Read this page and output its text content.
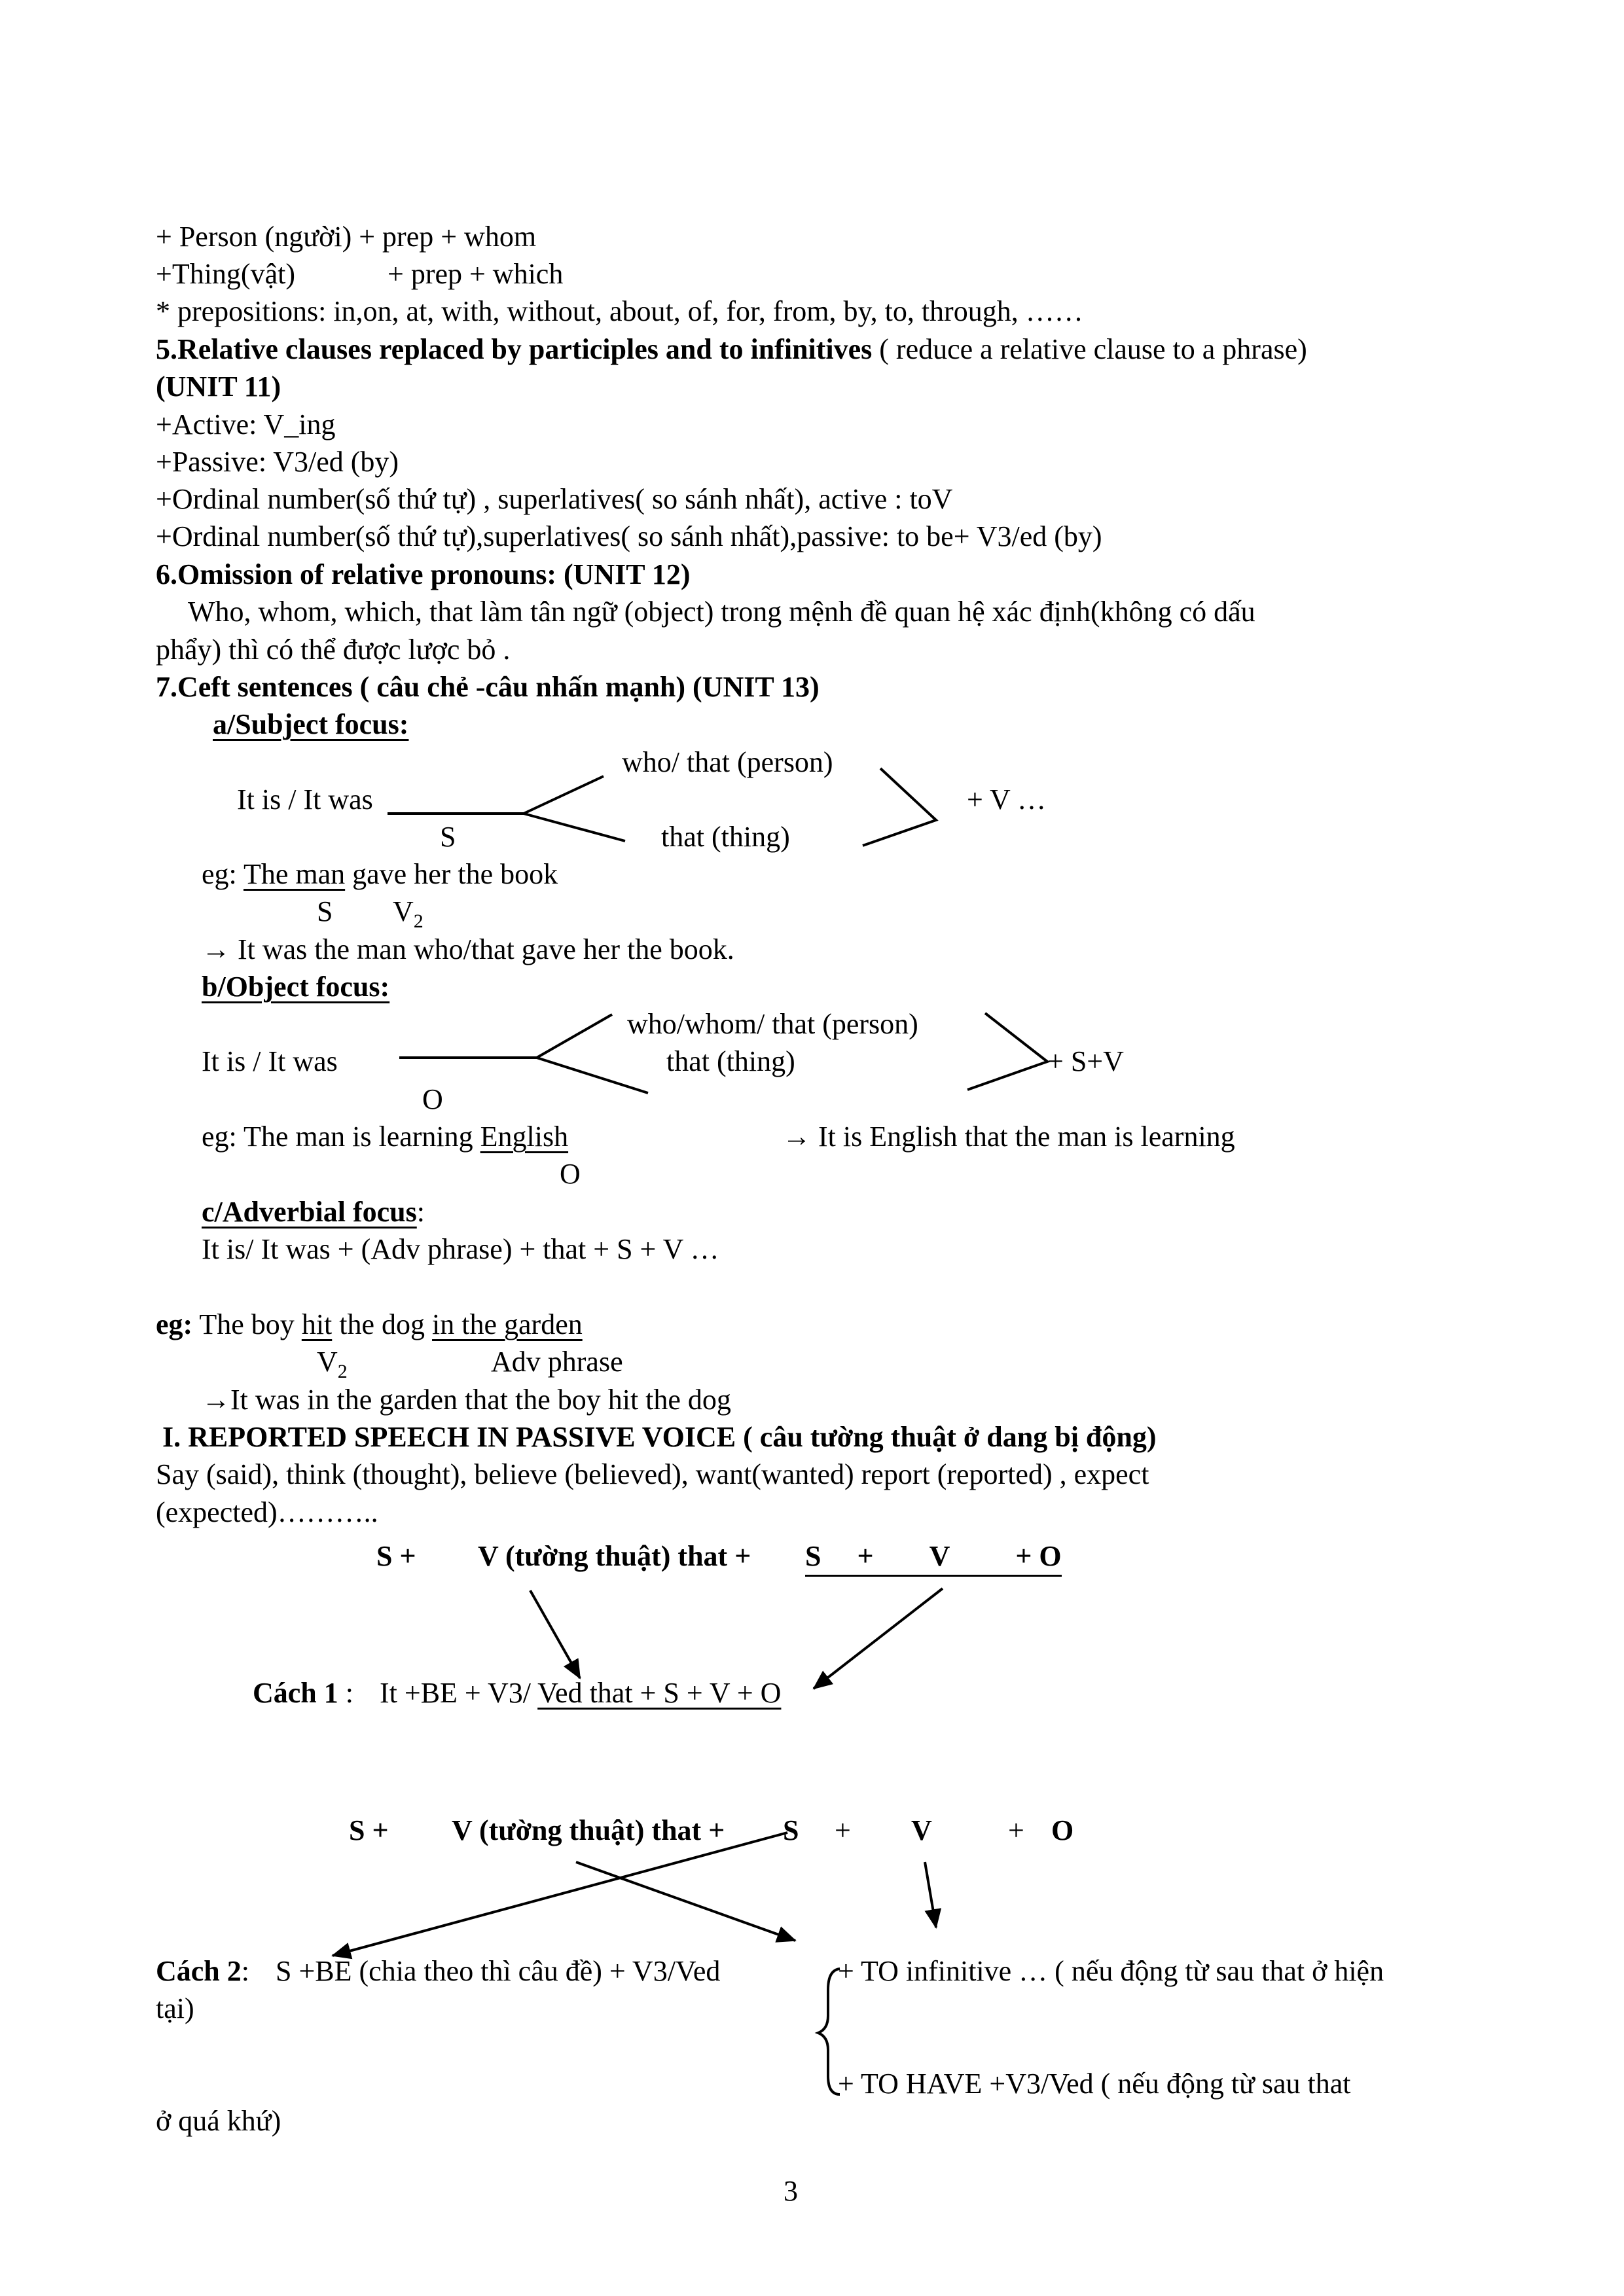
+ Person (người) + prep + whom
+Thing(vật)	+ prep + which
* prepositions: in,on, at, with, without, about, of, for, from, by, to, through, ……
5.Relative clauses replaced by participles and to infinitives ( reduce a relative clause to a phrase)
(UNIT 11)
+Active: V_ing
+Passive: V3/ed (by)
+Ordinal number(số thứ tự) , superlatives( so sánh nhất), active : toV
+Ordinal number(số thứ tự),superlatives( so sánh nhất),passive: to be+ V3/ed (by)
6.Omission of relative pronouns: (UNIT 12)
Who, whom, which, that làm tân ngữ (object) trong mệnh đề quan hệ xác định(không có dấu
phẩy) thì có thể được lược bỏ .
7.Ceft sentences ( câu chẻ -câu nhấn mạnh) (UNIT 13)
a/Subject focus:
who/ that (person)
It is / It was	+ V …
S	that (thing)
eg: The man gave her the book
S $V_2$
→ It was the man who/that gave her the book.
b/Object focus:
who/whom/ that (person)
It is / It was	that (thing)	+ S+V
O
eg: The man is learning English	→ It is English that the man is learning
O
c/Adverbial focus:
It is/ It was + (Adv phrase) + that + S + V …
eg: The boy hit the dog in the garden
$V_2$	Adv phrase
→It was in the garden that the boy hit the dog
I. REPORTED SPEECH IN PASSIVE VOICE ( câu tường thuật ở dang bị động)
Say (said), think (thought), believe (believed), want(wanted) report (reported) , expect
(expected)………..
S + V (tường thuật) that + S + V + O
Cách 1 : It +BE + V3/ Ved that + S + V + O
S + V (tường thuật) that + S + V	+ O
Cách 2: S +BE (chia theo thì câu đề) + V3/Ved	+ TO infinitive … ( nếu động từ sau that ở hiện
tại)
+ TO HAVE +V3/Ved ( nếu động từ sau that
ở quá khứ)
3
